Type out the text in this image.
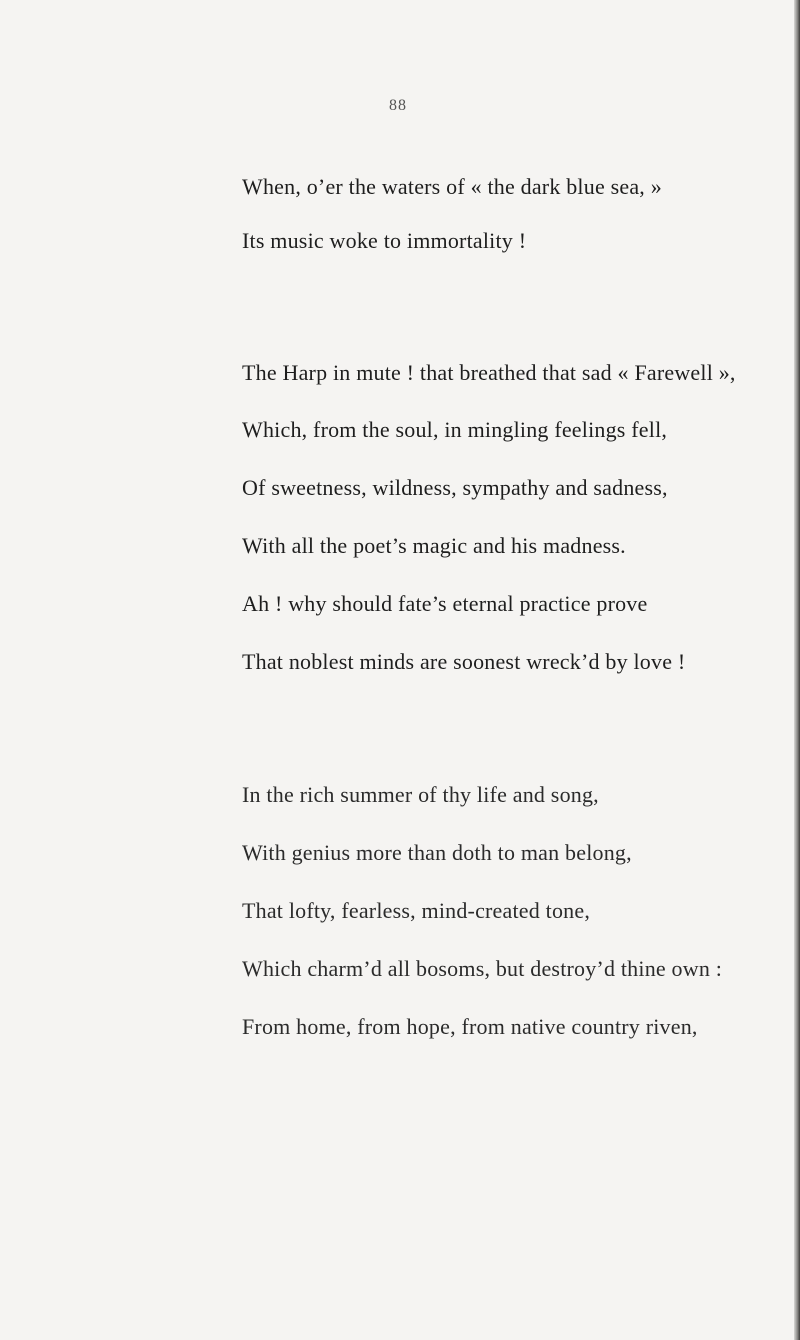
88
When, o’er the waters of « the dark blue sea, »
Its music woke to immortality !
The Harp in mute ! that breathed that sad « Farewell »,
Which, from the soul, in mingling feelings fell,
Of sweetness, wildness, sympathy and sadness,
With all the poet’s magic and his madness.
Ah ! why should fate’s eternal practice prove
That noblest minds are soonest wreck’d by love !
In the rich summer of thy life and song,
With genius more than doth to man belong,
That lofty, fearless, mind-created tone,
Which charm’d all bosoms, but destroy’d thine own :
From home, from hope, from native country riven,
